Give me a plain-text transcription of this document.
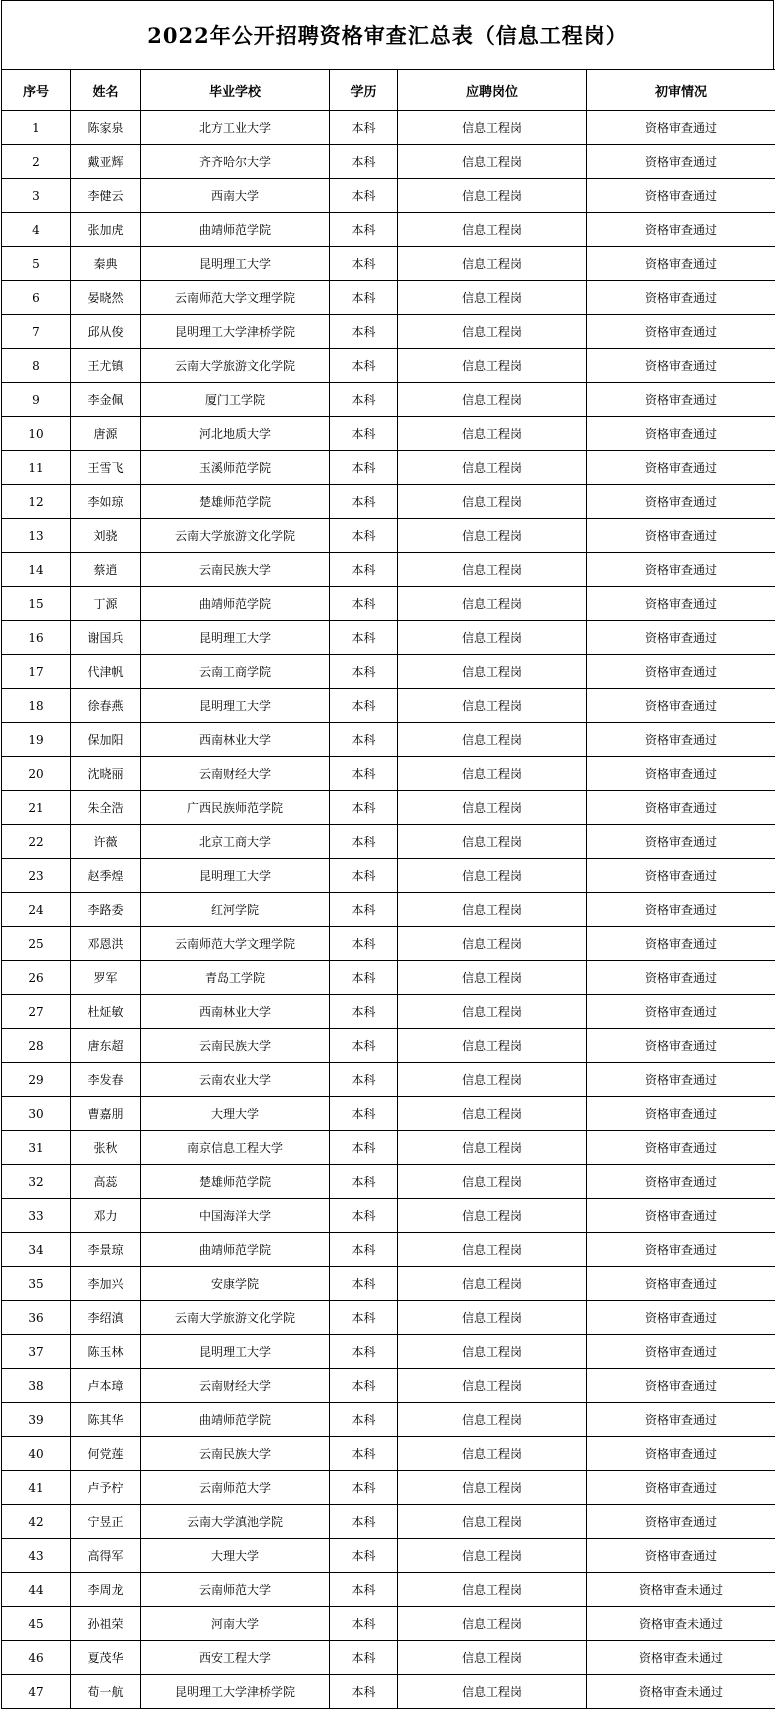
2022年公开招聘资格审查汇总表（信息工程岗）
序号	姓名	毕业学校	学历	应聘岗位	初审情况
1	陈家泉	北方工业大学	本科	信息工程岗	资格审查通过
2	戴亚辉	齐齐哈尔大学	本科	信息工程岗	资格审查通过
3	李健云	西南大学	本科	信息工程岗	资格审查通过
4	张加虎	曲靖师范学院	本科	信息工程岗	资格审查通过
5	秦典	昆明理工大学	本科	信息工程岗	资格审查通过
6	晏晓然	云南师范大学文理学院	本科	信息工程岗	资格审查通过
7	邱从俊	昆明理工大学津桥学院	本科	信息工程岗	资格审查通过
8	王尤镇	云南大学旅游文化学院	本科	信息工程岗	资格审查通过
9	李金佩	厦门工学院	本科	信息工程岗	资格审查通过
10	唐源	河北地质大学	本科	信息工程岗	资格审查通过
11	王雪飞	玉溪师范学院	本科	信息工程岗	资格审查通过
12	李如琼	楚雄师范学院	本科	信息工程岗	资格审查通过
13	刘骁	云南大学旅游文化学院	本科	信息工程岗	资格审查通过
14	蔡逍	云南民族大学	本科	信息工程岗	资格审查通过
15	丁源	曲靖师范学院	本科	信息工程岗	资格审查通过
16	谢国兵	昆明理工大学	本科	信息工程岗	资格审查通过
17	代津帆	云南工商学院	本科	信息工程岗	资格审查通过
18	徐春燕	昆明理工大学	本科	信息工程岗	资格审查通过
19	保加阳	西南林业大学	本科	信息工程岗	资格审查通过
20	沈晓丽	云南财经大学	本科	信息工程岗	资格审查通过
21	朱全浩	广西民族师范学院	本科	信息工程岗	资格审查通过
22	许薇	北京工商大学	本科	信息工程岗	资格审查通过
23	赵季煌	昆明理工大学	本科	信息工程岗	资格审查通过
24	李路委	红河学院	本科	信息工程岗	资格审查通过
25	邓恩洪	云南师范大学文理学院	本科	信息工程岗	资格审查通过
26	罗军	青岛工学院	本科	信息工程岗	资格审查通过
27	杜炡敏	西南林业大学	本科	信息工程岗	资格审查通过
28	唐东超	云南民族大学	本科	信息工程岗	资格审查通过
29	李发春	云南农业大学	本科	信息工程岗	资格审查通过
30	曹嘉朋	大理大学	本科	信息工程岗	资格审查通过
31	张秋	南京信息工程大学	本科	信息工程岗	资格审查通过
32	高蕊	楚雄师范学院	本科	信息工程岗	资格审查通过
33	邓力	中国海洋大学	本科	信息工程岗	资格审查通过
34	李景琼	曲靖师范学院	本科	信息工程岗	资格审查通过
35	李加兴	安康学院	本科	信息工程岗	资格审查通过
36	李绍滇	云南大学旅游文化学院	本科	信息工程岗	资格审查通过
37	陈玉林	昆明理工大学	本科	信息工程岗	资格审查通过
38	卢本璋	云南财经大学	本科	信息工程岗	资格审查通过
39	陈其华	曲靖师范学院	本科	信息工程岗	资格审查通过
40	何党莲	云南民族大学	本科	信息工程岗	资格审查通过
41	卢予柠	云南师范大学	本科	信息工程岗	资格审查通过
42	宁昱正	云南大学滇池学院	本科	信息工程岗	资格审查通过
43	高得军	大理大学	本科	信息工程岗	资格审查通过
44	李周龙	云南师范大学	本科	信息工程岗	资格审查未通过
45	孙祖荣	河南大学	本科	信息工程岗	资格审查未通过
46	夏茂华	西安工程大学	本科	信息工程岗	资格审查未通过
47	荀一航	昆明理工大学津桥学院	本科	信息工程岗	资格审查未通过
